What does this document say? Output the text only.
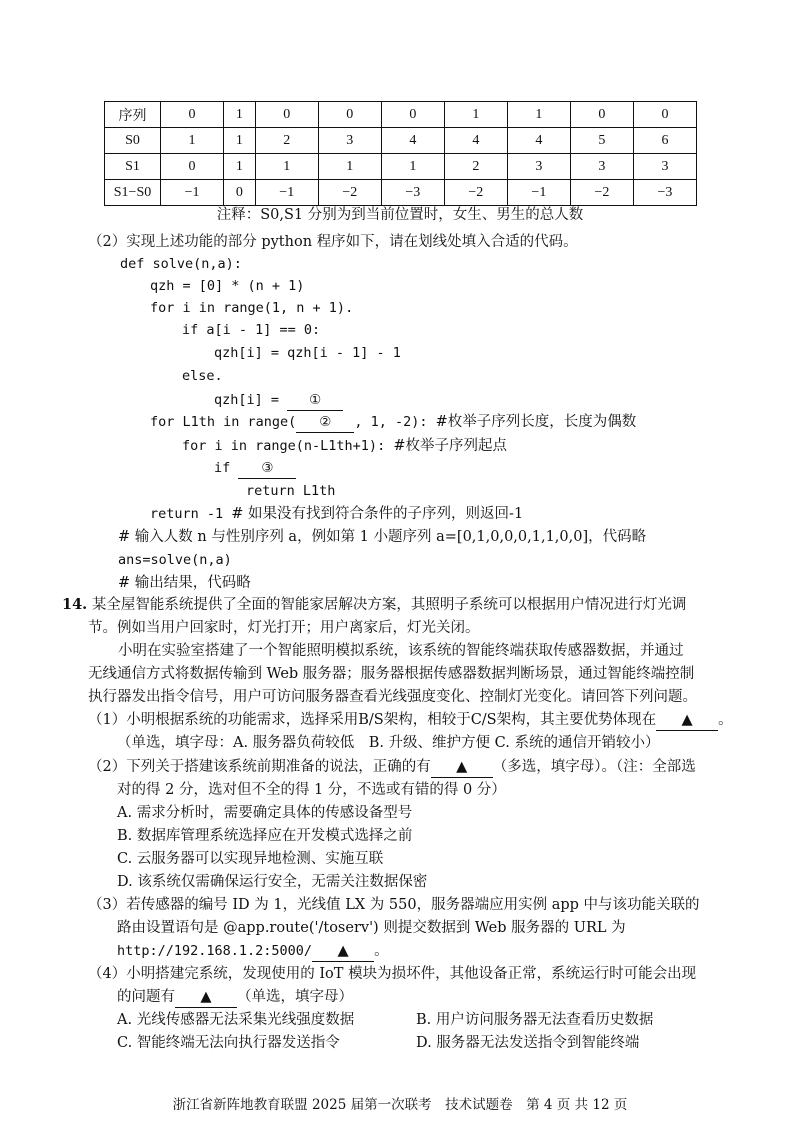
序列	0	1	0	0	0	1	1	0	0
S0	1	1	2	3	4	4	4	5	6
S1	0	1	1	1	1	2	3	3	3
S1−S0	−1	0	−1	−2	−3	−2	−1	−2	−3
注释：S0,S1 分别为到当前位置时，女生、男生的总人数
（2）实现上述功能的部分 python 程序如下，请在划线处填入合适的代码。
def solve(n,a):
qzh = [0] * (n + 1)
for i in range(1, n + 1).
if a[i - 1] == 0:
qzh[i] = qzh[i - 1] - 1
else.
qzh[i] = ①
for L1th in range( ② , 1, -2): #枚举子序列长度，长度为偶数
for i in range(n-L1th+1): #枚举子序列起点
if ③
return L1th
return -1 # 如果没有找到符合条件的子序列，则返回-1
# 输入人数 n 与性别序列 a，例如第 1 小题序列 a=[0,1,0,0,0,1,1,0,0]，代码略
ans=solve(n,a)
# 输出结果，代码略
14. 某全屋智能系统提供了全面的智能家居解决方案，其照明子系统可以根据用户情况进行灯光调
节。例如当用户回家时，灯光打开；用户离家后，灯光关闭。
小明在实验室搭建了一个智能照明模拟系统，该系统的智能终端获取传感器数据，并通过
无线通信方式将数据传输到 Web 服务器；服务器根据传感器数据判断场景，通过智能终端控制
执行器发出指令信号，用户可访问服务器查看光线强度变化、控制灯光变化。请回答下列问题。
（1）小明根据系统的功能需求，选择采用B/S架构，相较于C/S架构，其主要优势体现在 ▲ 。
（单选，填字母：A. 服务器负荷较低　B. 升级、维护方便 C. 系统的通信开销较小）
（2）下列关于搭建该系统前期准备的说法，正确的有 ▲ （多选，填字母）。（注：全部选
对的得 2 分，选对但不全的得 1 分，不选或有错的得 0 分）
A. 需求分析时，需要确定具体的传感设备型号
B. 数据库管理系统选择应在开发模式选择之前
C. 云服务器可以实现异地检测、实施互联
D. 该系统仅需确保运行安全，无需关注数据保密
（3）若传感器的编号 ID 为 1，光线值 LX 为 550，服务器端应用实例 app 中与该功能关联的
路由设置语句是 @app.route('/toserv') 则提交数据到 Web 服务器的 URL 为
http://192.168.1.2:5000/ ▲ 。
（4）小明搭建完系统，发现使用的 IoT 模块为损坏件，其他设备正常，系统运行时可能会出现
的问题有 ▲ （单选，填字母）
A. 光线传感器无法采集光线强度数据	B. 用户访问服务器无法查看历史数据
C. 智能终端无法向执行器发送指令	D. 服务器无法发送指令到智能终端
浙江省新阵地教育联盟 2025 届第一次联考　技术试题卷　第 4 页 共 12 页
